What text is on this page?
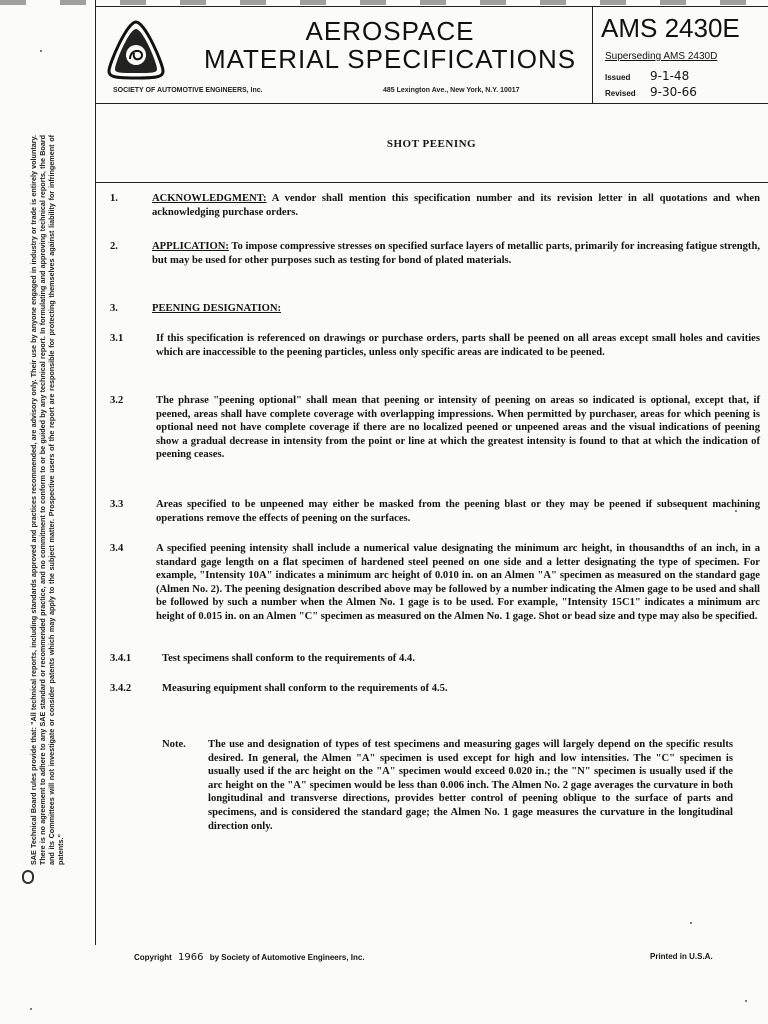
SAE Technical Board rules provide that: "All technical reports, including standards approved and practices recommended, are advisory only. Their use by anyone engaged in industry or trade is entirely voluntary. There is no agreement to adhere to any SAE standard or recommended practice, and no commitment to conform to or be guided by any technical report. In formulating and approving technical reports, the Board and its Committees will not investigate or consider patents which may apply to the subject matter. Prospective users of the report are responsible for protecting themselves against liability for infringement of patents."
AEROSPACE
MATERIAL SPECIFICATIONS
SOCIETY OF AUTOMOTIVE ENGINEERS, Inc.	485 Lexington Ave., New York, N.Y. 10017
AMS 2430E
Superseding AMS 2430D
Issued 9-1-48
Revised 9-30-66
SHOT PEENING
1.	ACKNOWLEDGMENT: A vendor shall mention this specification number and its revision letter in all quotations and when acknowledging purchase orders.
2.	APPLICATION: To impose compressive stresses on specified surface layers of metallic parts, primarily for increasing fatigue strength, but may be used for other purposes such as testing for bond of plated materials.
3.	PEENING DESIGNATION:
3.1	If this specification is referenced on drawings or purchase orders, parts shall be peened on all areas except small holes and cavities which are inaccessible to the peening particles, unless only specific areas are indicated to be peened.
3.2	The phrase "peening optional" shall mean that peening or intensity of peening on areas so indicated is optional, except that, if peened, areas shall have complete coverage with overlapping impressions. When permitted by purchaser, areas for which peening is optional need not have complete coverage if there are no localized peened or unpeened areas and the visual indications of peening show a gradual decrease in intensity from the point or line at which the greatest intensity is found to that at which the indication of peening ceases.
3.3	Areas specified to be unpeened may either be masked from the peening blast or they may be peened if subsequent machining operations remove the effects of peening on the surfaces.
3.4	A specified peening intensity shall include a numerical value designating the minimum arc height, in thousandths of an inch, in a standard gage length on a flat specimen of hardened steel peened on one side and a letter designating the type of specimen. For example, "Intensity 10A" indicates a minimum arc height of 0.010 in. on an Almen "A" specimen as measured on the standard gage (Almen No. 2). The peening designation described above may be followed by a number indicating the Almen gage to be used and shall be followed by such a number when the Almen No. 1 gage is to be used. For example, "Intensity 15C1" indicates a minimum arc height of 0.015 in. on an Almen "C" specimen as measured on the Almen No. 1 gage. Shot or bead size and type may also be specified.
3.4.1	Test specimens shall conform to the requirements of 4.4.
3.4.2	Measuring equipment shall conform to the requirements of 4.5.
Note. The use and designation of types of test specimens and measuring gages will largely depend on the specific results desired. In general, the Almen "A" specimen is used except for high and low intensities. The "C" specimen is usually used if the arc height on the "A" specimen would exceed 0.020 in.; the "N" specimen is usually used if the arc height on the "A" specimen would be less than 0.006 inch. The Almen No. 2 gage averages the curvature in both longitudinal and transverse directions, provides better control of peening oblique to the surface of parts and specimens, and is considered the standard gage; the Almen No. 1 gage measures the curvature in the longitudinal direction only.
Copyright 1966 by Society of Automotive Engineers, Inc.	Printed in U.S.A.
